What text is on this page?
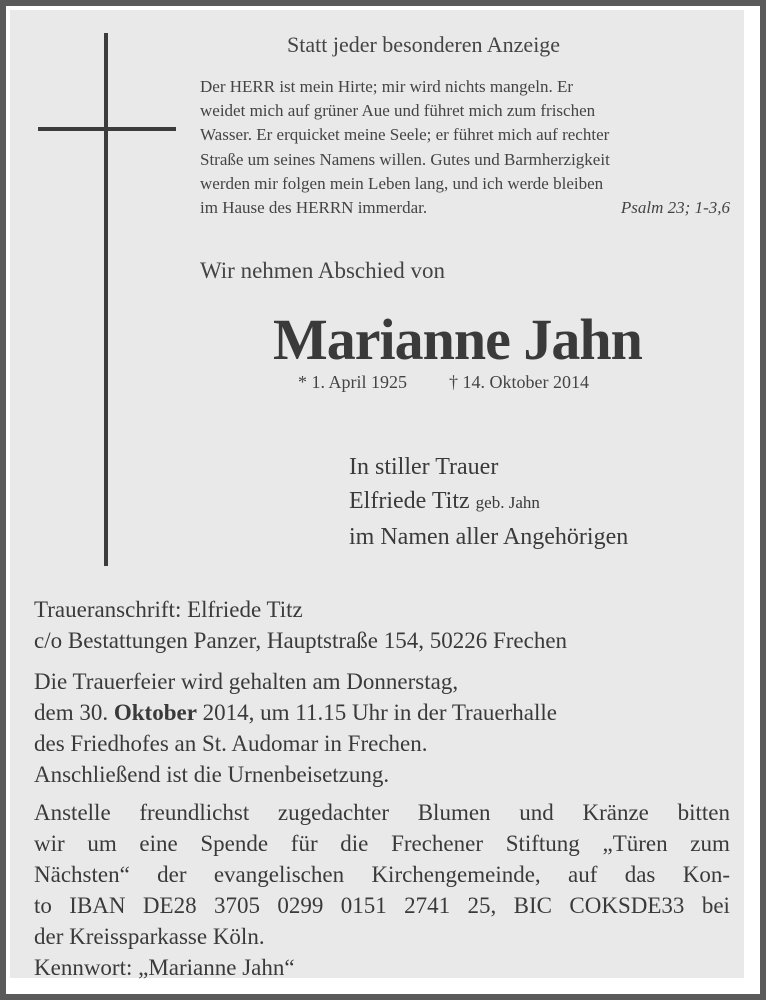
Statt jeder besonderen Anzeige
Der HERR ist mein Hirte; mir wird nichts mangeln. Er
weidet mich auf grüner Aue und führet mich zum frischen
Wasser. Er erquicket meine Seele; er führet mich auf rechter
Straße um seines Namens willen. Gutes und Barmherzigkeit
werden mir folgen mein Leben lang, und ich werde bleiben
im Hause des HERRN immerdar.	Psalm 23; 1-3,6
Wir nehmen Abschied von
Marianne Jahn
* 1. April 1925 † 14. Oktober 2014
In stiller Trauer
Elfriede Titz geb. Jahn
im Namen aller Angehörigen
Traueranschrift: Elfriede Titz
c/o Bestattungen Panzer, Hauptstraße 154, 50226 Frechen
Die Trauerfeier wird gehalten am Donnerstag,
dem 30. Oktober 2014, um 11.15 Uhr in der Trauerhalle
des Friedhofes an St. Audomar in Frechen.
Anschließend ist die Urnenbeisetzung.
Anstelle freundlichst zugedachter Blumen und Kränze bitten
wir um eine Spende für die Frechener Stiftung „Türen zum
Nächsten“ der evangelischen Kirchengemeinde, auf das Kon-
to IBAN DE28 3705 0299 0151 2741 25, BIC COKSDE33 bei
der Kreissparkasse Köln.
Kennwort: „Marianne Jahn“
